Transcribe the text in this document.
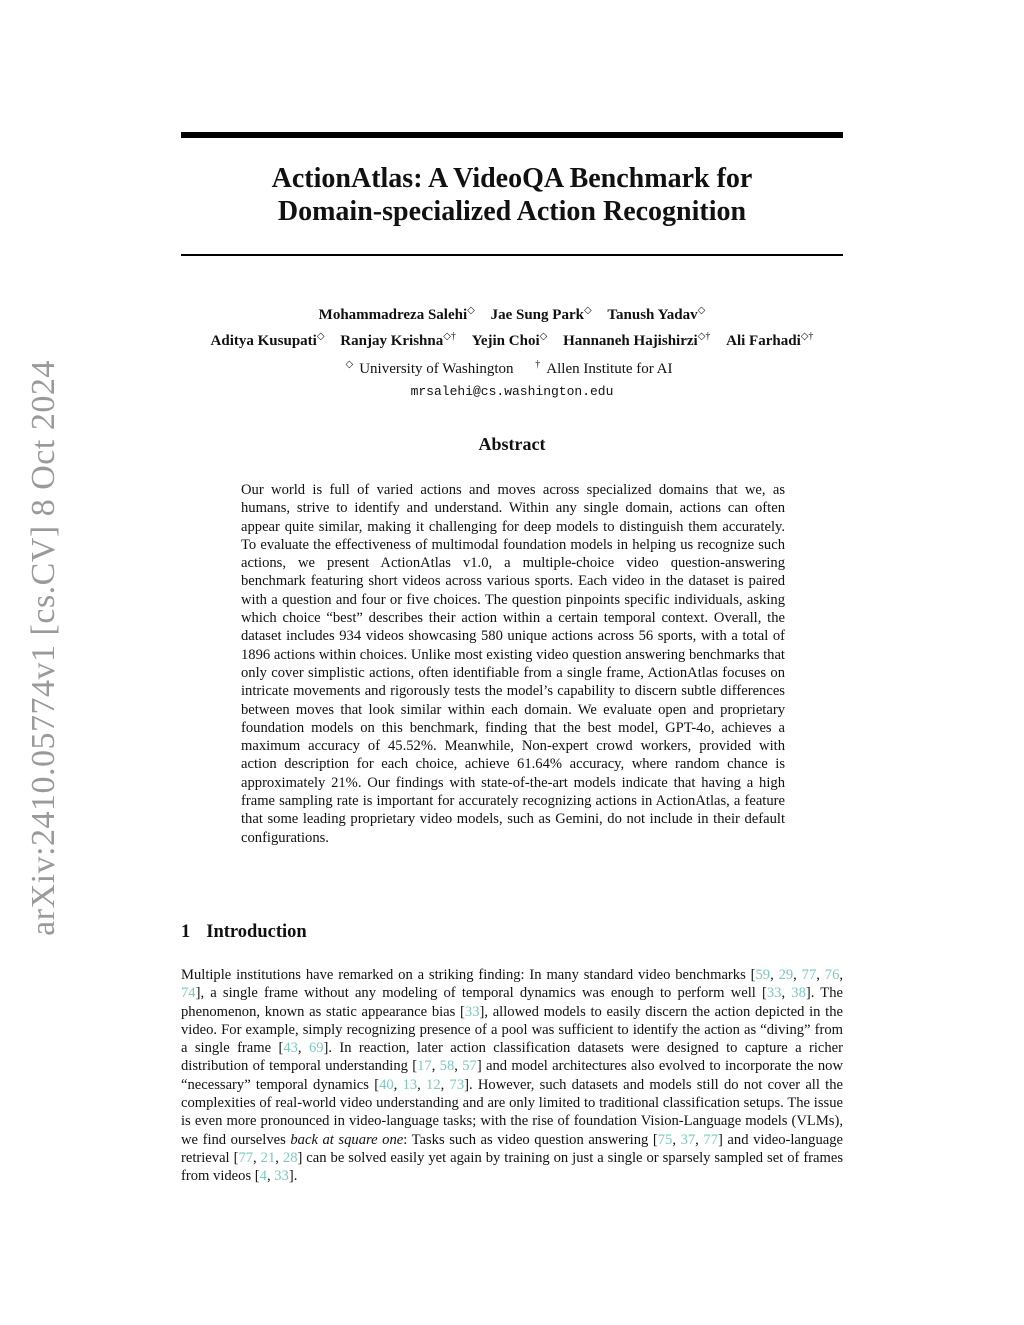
arXiv:2410.05774v1 [cs.CV] 8 Oct 2024
ActionAtlas: A VideoQA Benchmark for
Domain-specialized Action Recognition
Mohammadreza Salehi◇ Jae Sung Park◇ Tanush Yadav◇
Aditya Kusupati◇ Ranjay Krishna◇† Yejin Choi◇ Hannaneh Hajishirzi◇† Ali Farhadi◇†
◇ University of Washington † Allen Institute for AI
mrsalehi@cs.washington.edu
Abstract
Our world is full of varied actions and moves across specialized domains that we, as humans, strive to identify and understand. Within any single domain, actions can often appear quite similar, making it challenging for deep models to distinguish them accurately. To evaluate the effectiveness of multimodal foundation models in helping us recognize such actions, we present ActionAtlas v1.0, a multiple-choice video question-answering benchmark featuring short videos across various sports. Each video in the dataset is paired with a question and four or five choices. The question pinpoints specific individuals, asking which choice “best” describes their action within a certain temporal context. Overall, the dataset includes 934 videos showcasing 580 unique actions across 56 sports, with a total of 1896 actions within choices. Unlike most existing video question answering benchmarks that only cover simplistic actions, often identifiable from a single frame, ActionAtlas focuses on intricate movements and rigorously tests the model’s capability to discern subtle differences between moves that look similar within each domain. We evaluate open and proprietary foundation models on this benchmark, finding that the best model, GPT-4o, achieves a maximum accuracy of 45.52%. Meanwhile, Non-expert crowd workers, provided with action description for each choice, achieve 61.64% accuracy, where random chance is approximately 21%. Our findings with state-of-the-art models indicate that having a high frame sampling rate is important for accurately recognizing actions in ActionAtlas, a feature that some leading proprietary video models, such as Gemini, do not include in their default configurations.
1 Introduction
Multiple institutions have remarked on a striking finding: In many standard video benchmarks [59, 29, 77, 76, 74], a single frame without any modeling of temporal dynamics was enough to perform well [33, 38]. The phenomenon, known as static appearance bias [33], allowed models to easily discern the action depicted in the video. For example, simply recognizing presence of a pool was sufficient to identify the action as “diving” from a single frame [43, 69]. In reaction, later action classification datasets were designed to capture a richer distribution of temporal understanding [17, 58, 57] and model architectures also evolved to incorporate the now “necessary” temporal dynamics [40, 13, 12, 73]. However, such datasets and models still do not cover all the complexities of real-world video understanding and are only limited to traditional classification setups. The issue is even more pronounced in video-language tasks; with the rise of foundation Vision-Language models (VLMs), we find ourselves back at square one: Tasks such as video question answering [75, 37, 77] and video-language retrieval [77, 21, 28] can be solved easily yet again by training on just a single or sparsely sampled set of frames from videos [4, 33].
